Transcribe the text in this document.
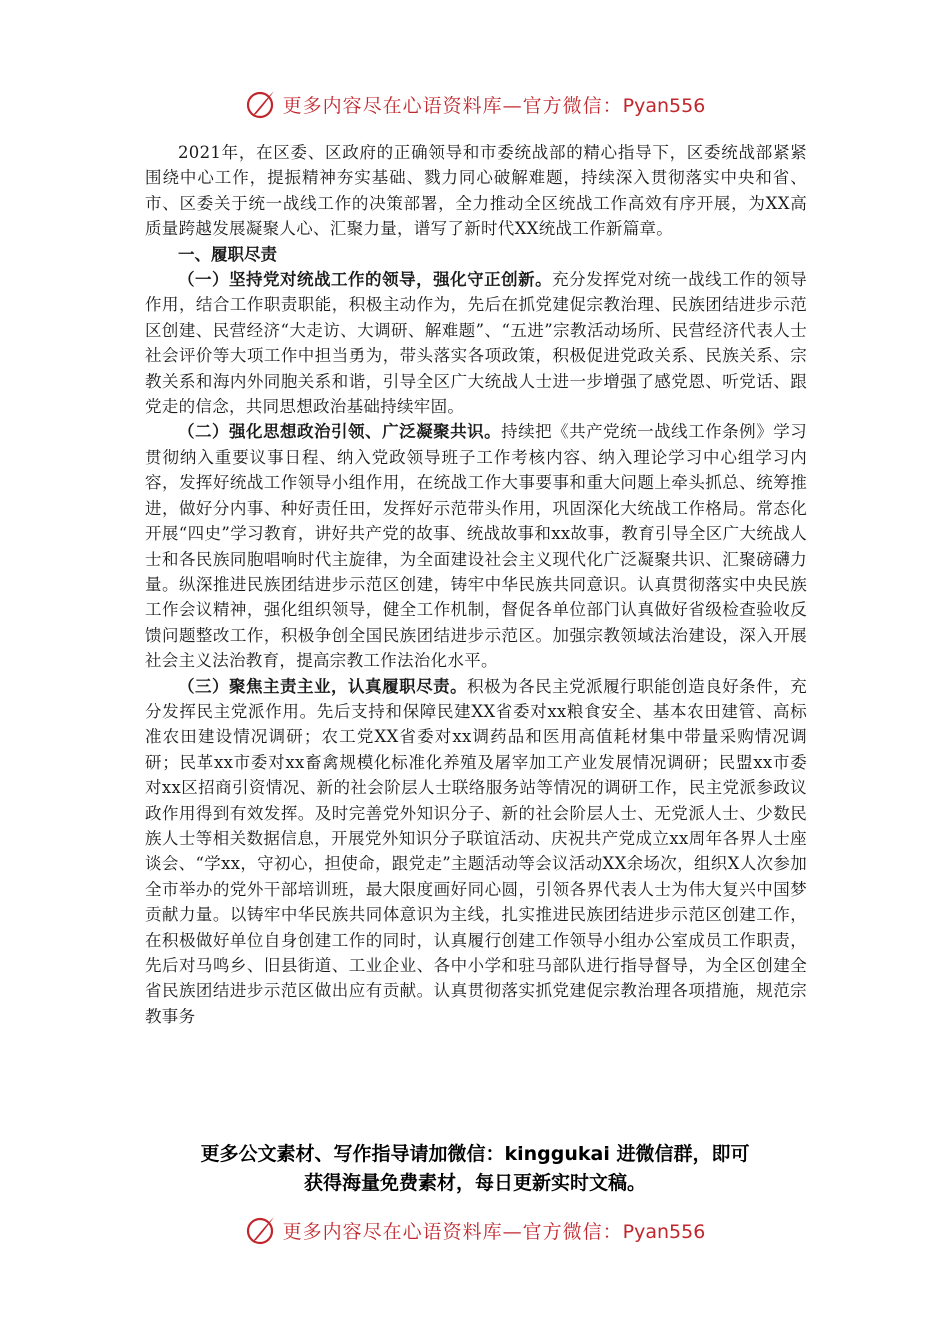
更多内容尽在心语资料库—官方微信：Pyan556

2021年，在区委、区政府的正确领导和市委统战部的精心指导下，区委统战部紧紧围绕中心工作，提振精神夯实基础、戮力同心破解难题，持续深入贯彻落实中央和省、市、区委关于统一战线工作的决策部署，全力推动全区统战工作高效有序开展，为XX高质量跨越发展凝聚人心、汇聚力量，谱写了新时代XX统战工作新篇章。

一、履职尽责

（一）坚持党对统战工作的领导，强化守正创新。充分发挥党对统一战线工作的领导作用，结合工作职责职能，积极主动作为，先后在抓党建促宗教治理、民族团结进步示范区创建、民营经济“大走访、大调研、解难题”、“五进”宗教活动场所、民营经济代表人士社会评价等大项工作中担当勇为，带头落实各项政策，积极促进党政关系、民族关系、宗教关系和海内外同胞关系和谐，引导全区广大统战人士进一步增强了感党恩、听党话、跟党走的信念，共同思想政治基础持续牢固。

（二）强化思想政治引领、广泛凝聚共识。持续把《共产党统一战线工作条例》学习贯彻纳入重要议事日程、纳入党政领导班子工作考核内容、纳入理论学习中心组学习内容，发挥好统战工作领导小组作用，在统战工作大事要事和重大问题上牵头抓总、统筹推进，做好分内事、种好责任田，发挥好示范带头作用，巩固深化大统战工作格局。常态化开展“四史”学习教育，讲好共产党的故事、统战故事和xx故事，教育引导全区广大统战人士和各民族同胞唱响时代主旋律，为全面建设社会主义现代化广泛凝聚共识、汇聚磅礴力量。纵深推进民族团结进步示范区创建，铸牢中华民族共同意识。认真贯彻落实中央民族工作会议精神，强化组织领导，健全工作机制，督促各单位部门认真做好省级检查验收反馈问题整改工作，积极争创全国民族团结进步示范区。加强宗教领域法治建设，深入开展社会主义法治教育，提高宗教工作法治化水平。

（三）聚焦主责主业，认真履职尽责。积极为各民主党派履行职能创造良好条件，充分发挥民主党派作用。先后支持和保障民建XX省委对xx粮食安全、基本农田建管、高标准农田建设情况调研；农工党XX省委对xx调药品和医用高值耗材集中带量采购情况调研；民革xx市委对xx畜禽规模化标准化养殖及屠宰加工产业发展情况调研；民盟xx市委对xx区招商引资情况、新的社会阶层人士联络服务站等情况的调研工作，民主党派参政议政作用得到有效发挥。及时完善党外知识分子、新的社会阶层人士、无党派人士、少数民族人士等相关数据信息，开展党外知识分子联谊活动、庆祝共产党成立xx周年各界人士座谈会、“学xx，守初心，担使命，跟党走”主题活动等会议活动XX余场次，组织X人次参加全市举办的党外干部培训班，最大限度画好同心圆，引领各界代表人士为伟大复兴中国梦贡献力量。以铸牢中华民族共同体意识为主线，扎实推进民族团结进步示范区创建工作，在积极做好单位自身创建工作的同时，认真履行创建工作领导小组办公室成员工作职责，先后对马鸣乡、旧县街道、工业企业、各中小学和驻马部队进行指导督导，为全区创建全省民族团结进步示范区做出应有贡献。认真贯彻落实抓党建促宗教治理各项措施，规范宗教事务

更多公文素材、写作指导请加微信：kinggukai 进微信群，即可
获得海量免费素材，每日更新实时文稿。
更多内容尽在心语资料库—官方微信：Pyan556
